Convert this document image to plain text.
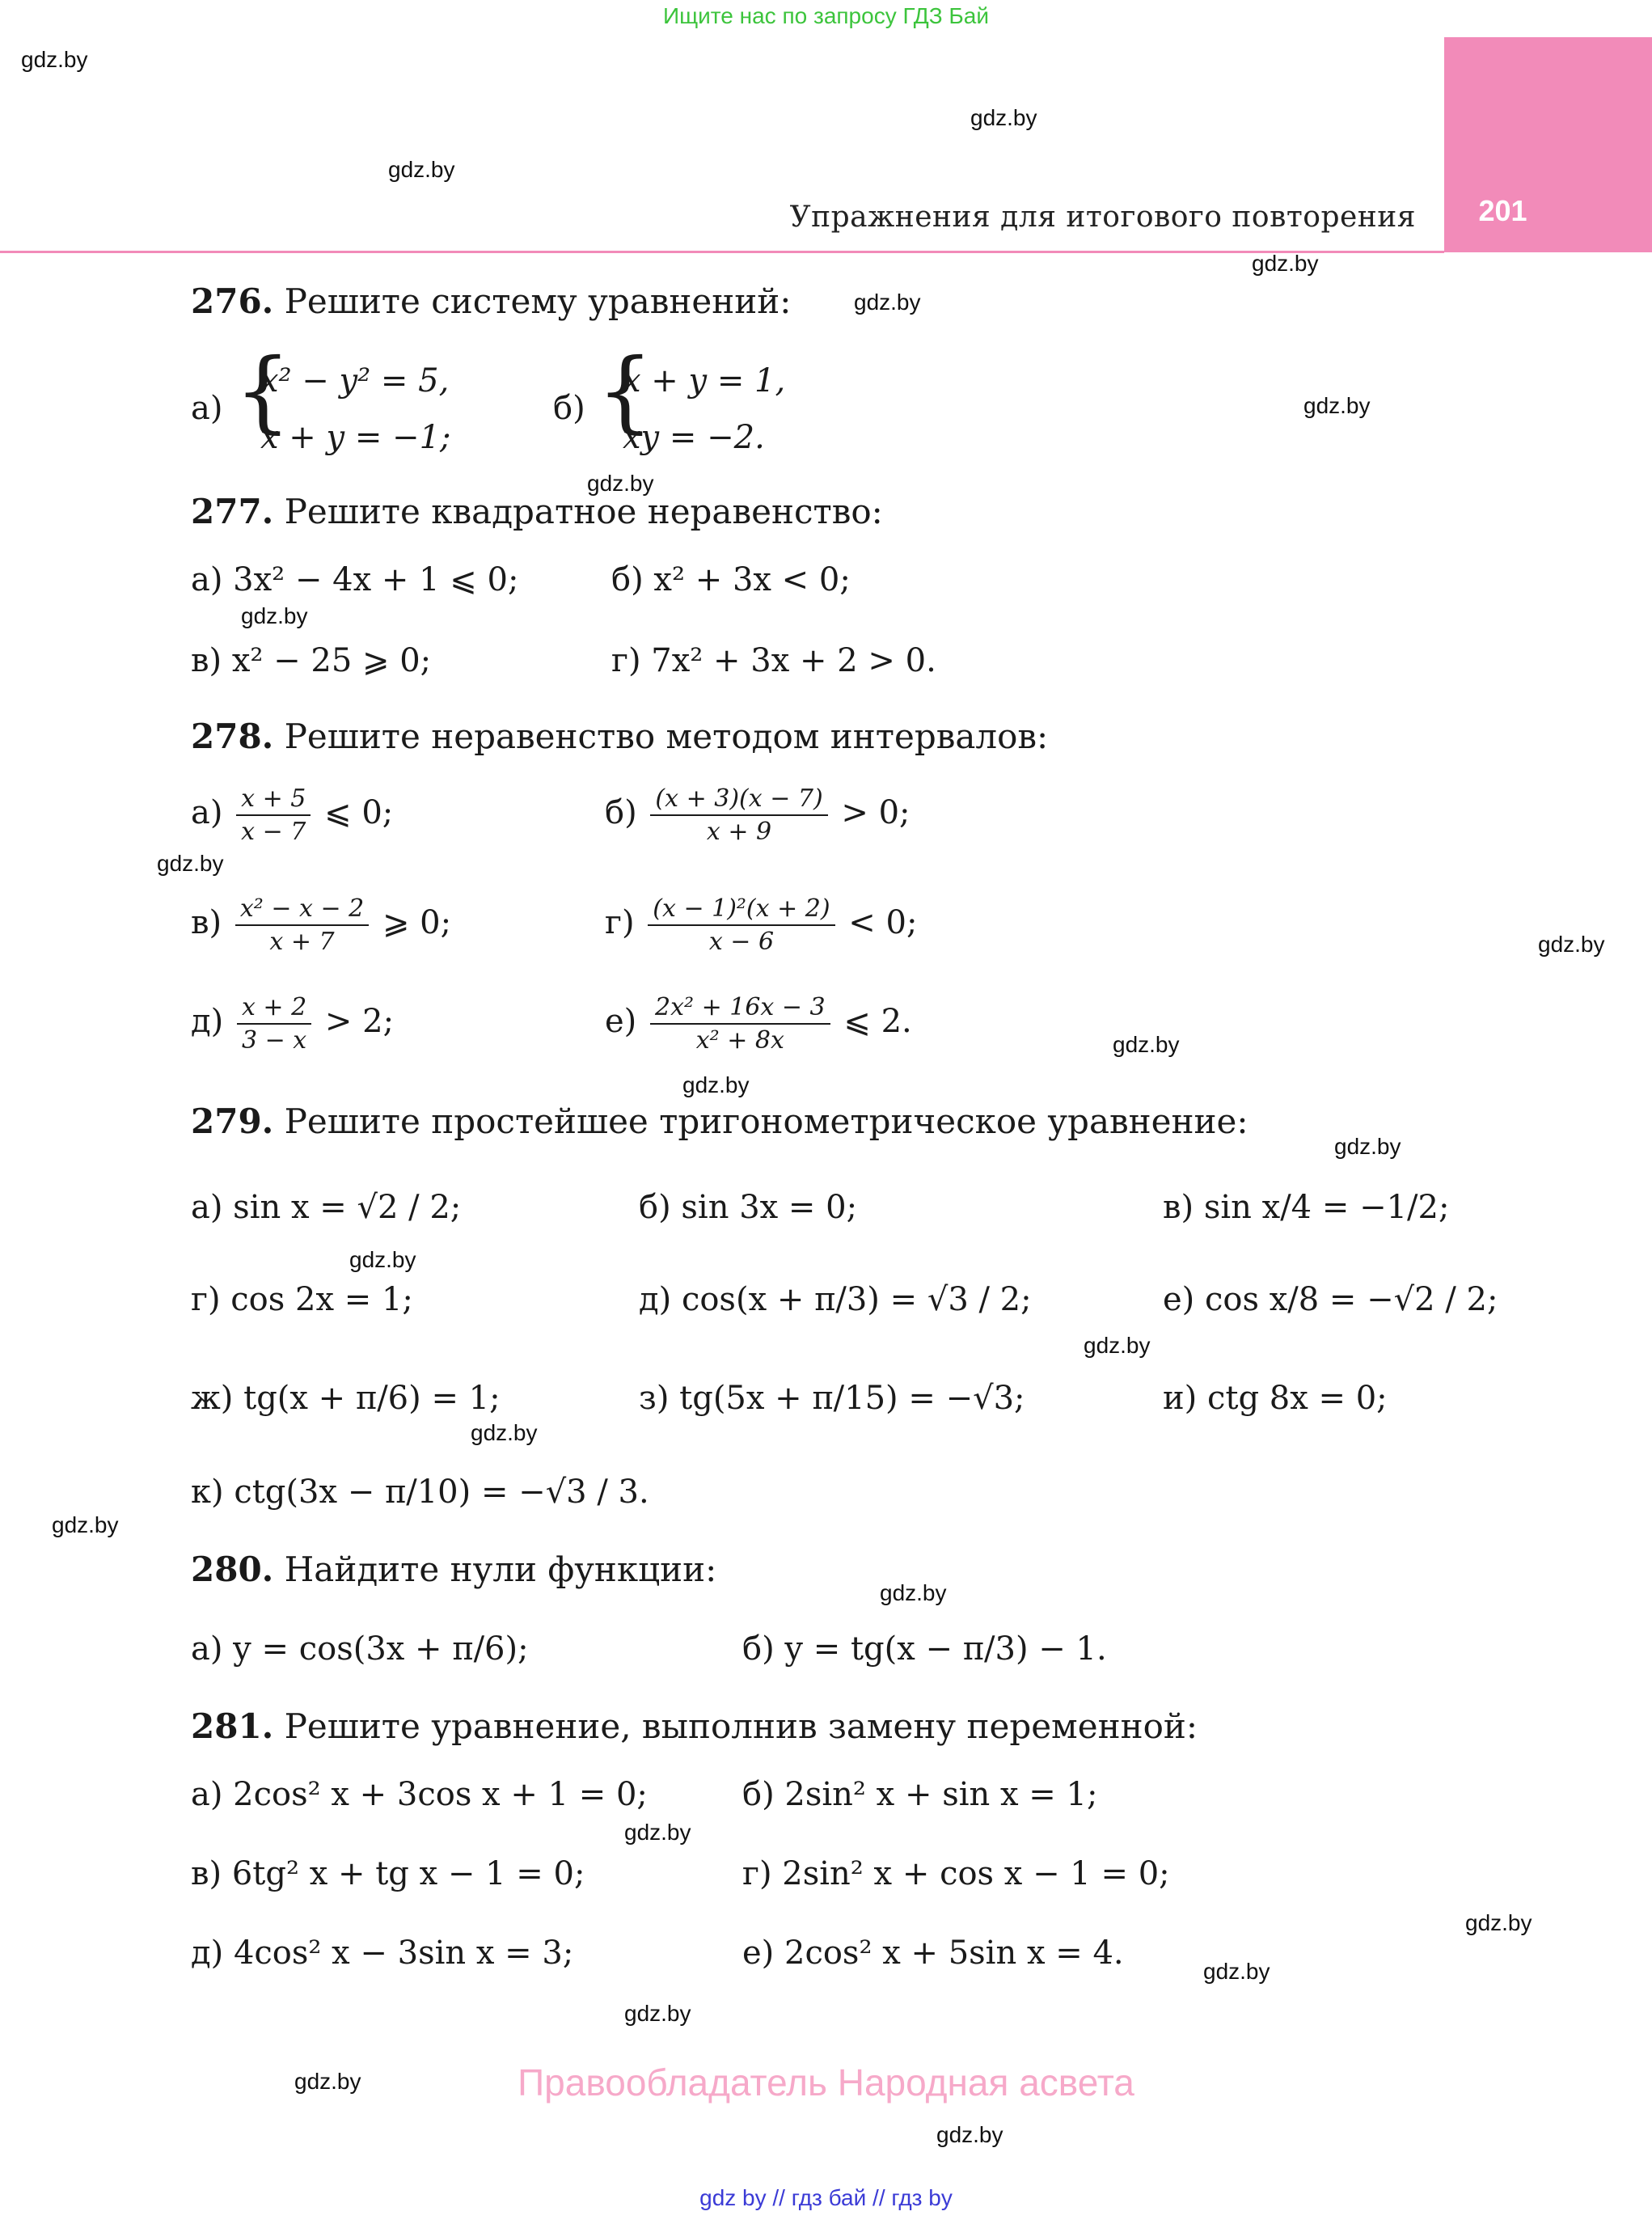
Ищите нас по запросу ГДЗ Бай
201
Упражнения для итогового повторения
gdz.by
gdz.by
gdz.by
gdz.by
gdz.by
gdz.by
gdz.by
gdz.by
gdz.by
gdz.by
gdz.by
gdz.by
gdz.by
gdz.by
gdz.by
gdz.by
gdz.by
gdz.by
gdz.by
gdz.by
gdz.by
gdz.by
gdz.by
gdz.by
276. Решите систему уравнений:
а) {
x² − y² = 5,
x + y = −1;
б) {
x + y = 1,
xy = −2.
277. Решите квадратное неравенство:
а) 3x² − 4x + 1 ⩽ 0;	б) x² + 3x < 0;
в) x² − 25 ⩾ 0;	г) 7x² + 3x + 2 > 0.
278. Решите неравенство методом интервалов:
$а) \frac{x + 5}{x - 7}$ ⩽ 0;	$б) \frac{(x + 3)(x - 7)}{x + 9} > 0$;
$в) \frac{\text{x² − x − 2}}{x + 7}$ ⩾ 0;	$г) \frac{\text{(x − 1)²(x + 2)}}{x - 6} < 0$;
$д) \frac{x + 2}{3 - x} > 2$;	$е) \frac{\text{2x² + 16x − 3}}{\text{x² + 8x}}$ ⩽ 2.
279. Решите простейшее тригонометрическое уравнение:
а) sin x = √2 / 2;	б) sin 3x = 0;	в) sin x/4 = −1/2;
г) cos 2x = 1;	д) cos(x + π/3) = √3 / 2;	е) cos x/8 = −√2 / 2;
ж) tg(x + π/6) = 1;	з) tg(5x + π/15) = −√3;	и) ctg 8x = 0;
к) ctg(3x − π/10) = −√3 / 3.
280. Найдите нули функции:
а) y = cos(3x + π/6);	б) y = tg(x − π/3) − 1.
281. Решите уравнение, выполнив замену переменной:
а) 2cos² x + 3cos x + 1 = 0;	б) 2sin² x + sin x = 1;
в) 6tg² x + tg x − 1 = 0;	г) 2sin² x + cos x − 1 = 0;
д) 4cos² x − 3sin x = 3;	е) 2cos² x + 5sin x = 4.
Правообладатель Народная асвета
gdz by // гдз бай // гдз by
